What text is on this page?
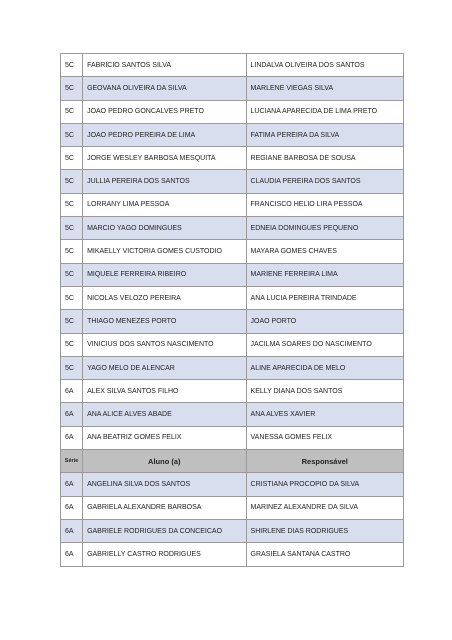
5C	FABRICIO SANTOS SILVA	LINDALVA OLIVEIRA DOS SANTOS
5C	GEOVANA OLIVEIRA DA SILVA	MARLENE VIEGAS SILVA
5C	JOAO PEDRO GONCALVES PRETO	LUCIANA APARECIDA DE LIMA PRETO
5C	JOAO PEDRO PEREIRA DE LIMA	FATIMA PEREIRA DA SILVA
5C	JORGE WESLEY BARBOSA MESQUITA	REGIANE BARBOSA DE SOUSA
5C	JULLIA PEREIRA DOS SANTOS	CLAUDIA PEREIRA DOS SANTOS
5C	LORRANY LIMA PESSOA	FRANCISCO HELIO LIRA PESSOA
5C	MARCIO YAGO DOMINGUES	EDNEIA DOMINGUES PEQUENO
5C	MIKAELLY VICTORIA GOMES CUSTODIO	MAYARA GOMES CHAVES
5C	MIQUELE FERREIRA RIBEIRO	MARIENE FERREIRA LIMA
5C	NICOLAS VELOZO PEREIRA	ANA LUCIA PEREIRA TRINDADE
5C	THIAGO MENEZES PORTO	JOAO PORTO
5C	VINICIUS DOS SANTOS NASCIMENTO	JACILMA SOARES DO NASCIMENTO
5C	YAGO MELO DE ALENCAR	ALINE APARECIDA DE MELO
6A	ALEX SILVA SANTOS FILHO	KELLY DIANA DOS SANTOS
6A	ANA ALICE ALVES ABADE	ANA ALVES XAVIER
6A	ANA BEATRIZ GOMES FELIX	VANESSA GOMES FELIX
Série	Aluno (a)	Responsável
6A	ANGELINA SILVA DOS SANTOS	CRISTIANA PROCOPIO DA SILVA
6A	GABRIELA ALEXANDRE BARBOSA	MARINEZ ALEXANDRE DA SILVA
6A	GABRIELE RODRIGUES DA CONCEICAO	SHIRLENE DIAS RODRIGUES
6A	GABRIELLY CASTRO RODRIGUES	GRASIELA SANTANA CASTRO
